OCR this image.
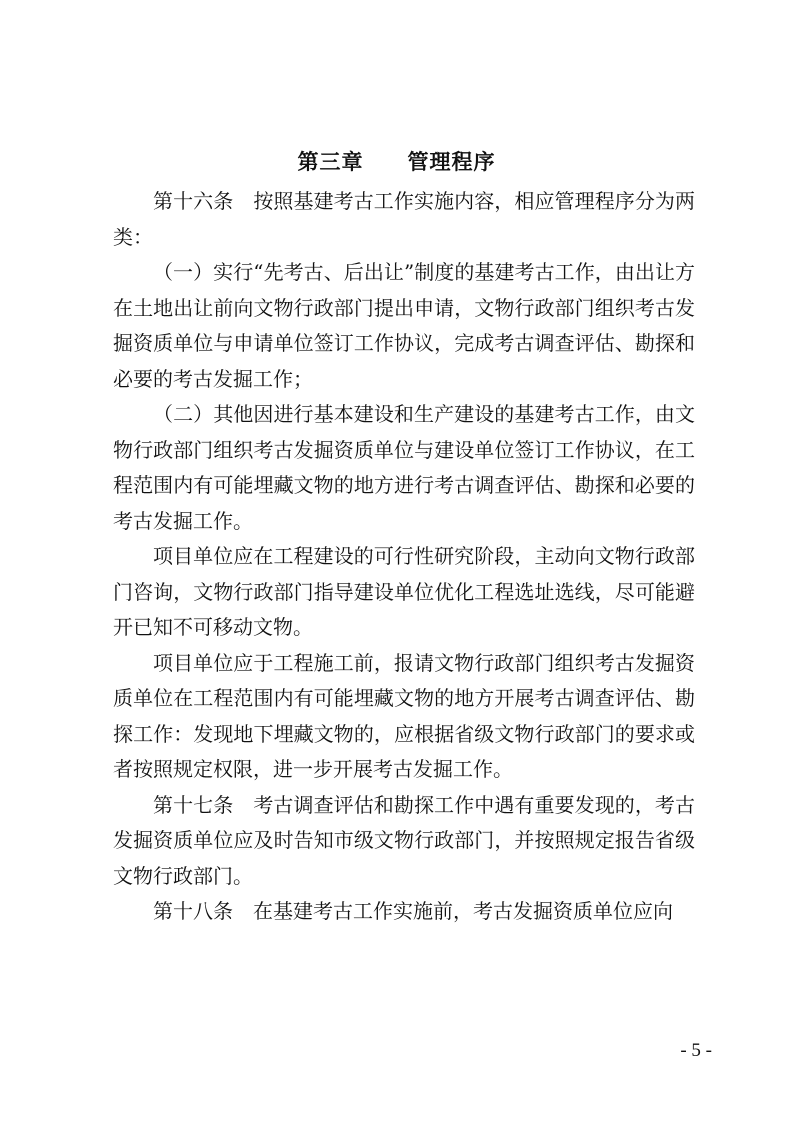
第三章　　管理程序

第十六条 按照基建考古工作实施内容，相应管理程序分为两类：

（一）实行“先考古、后出让”制度的基建考古工作，由出让方在土地出让前向文物行政部门提出申请，文物行政部门组织考古发掘资质单位与申请单位签订工作协议，完成考古调查评估、勘探和必要的考古发掘工作；

（二）其他因进行基本建设和生产建设的基建考古工作，由文物行政部门组织考古发掘资质单位与建设单位签订工作协议，在工程范围内有可能埋藏文物的地方进行考古调查评估、勘探和必要的考古发掘工作。

项目单位应在工程建设的可行性研究阶段，主动向文物行政部门咨询，文物行政部门指导建设单位优化工程选址选线，尽可能避开已知不可移动文物。

项目单位应于工程施工前，报请文物行政部门组织考古发掘资质单位在工程范围内有可能埋藏文物的地方开展考古调查评估、勘探工作：发现地下埋藏文物的，应根据省级文物行政部门的要求或者按照规定权限，进一步开展考古发掘工作。

第十七条 考古调查评估和勘探工作中遇有重要发现的，考古发掘资质单位应及时告知市级文物行政部门，并按照规定报告省级文物行政部门。

第十八条 在基建考古工作实施前，考古发掘资质单位应向

- 5 -
